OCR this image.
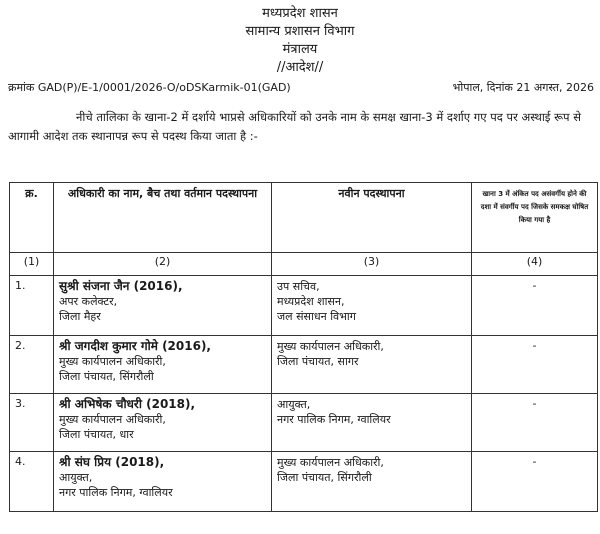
मध्यप्रदेश शासन
सामान्य प्रशासन विभाग
मंत्रालय
//आदेश//
क्रमांक GAD(P)/E-1/0001/2026-O/oDSKarmik-01(GAD)	भोपाल, दिनांक 21 अगस्त, 2026
नीचे तालिका के खाना-2 में दर्शाये भाप्रसे अधिकारियों को उनके नाम के समक्ष खाना-3 में दर्शाए गए पद पर अस्थाई रूप से आगामी आदेश तक स्थानापन्न रूप से पदस्थ किया जाता है :-
क्र.	अधिकारी का नाम, बैच तथा वर्तमान पदस्थापना	नवीन पदस्थापना	खाना 3 में अंकित पद असंवर्गीय होने की दशा में संवर्गीय पद जिसके समकक्ष घोषित किया गया है
(1)	(2)	(3)	(4)
1.	सुश्री संजना जैन (2016),
अपर कलेक्टर,
जिला मैहर	उप सचिव,
मध्यप्रदेश शासन,
जल संसाधन विभाग	-
2.	श्री जगदीश कुमार गोमे (2016),
मुख्य कार्यपालन अधिकारी,
जिला पंचायत, सिंगरौली	मुख्य कार्यपालन अधिकारी,
जिला पंचायत, सागर	-
3.	श्री अभिषेक चौधरी (2018),
मुख्य कार्यपालन अधिकारी,
जिला पंचायत, धार	आयुक्त,
नगर पालिक निगम, ग्वालियर	-
4.	श्री संघ प्रिय (2018),
आयुक्त,
नगर पालिक निगम, ग्वालियर	मुख्य कार्यपालन अधिकारी,
जिला पंचायत, सिंगरौली	-
